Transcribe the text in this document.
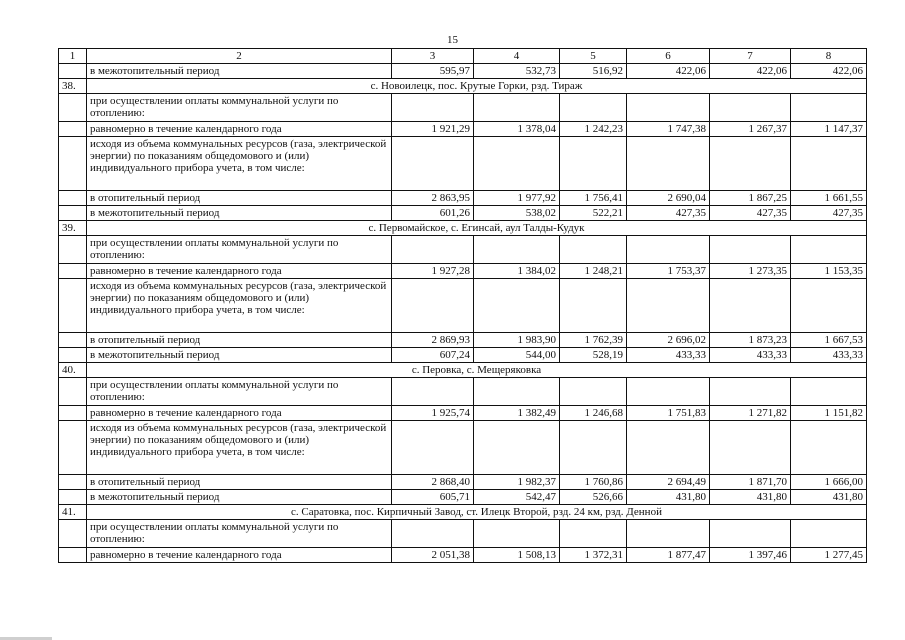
15
1	2	3	4	5	6	7	8
	в межотопительный период	595,97	532,73	516,92	422,06	422,06	422,06
38.	с. Новоилецк, пос. Крутые Горки, рзд. Тираж						
	при осуществлении оплаты коммунальной услуги по отоплению:						
	равномерно в течение календарного года	1 921,29	1 378,04	1 242,23	1 747,38	1 267,37	1 147,37
	исходя из объема коммунальных ресурсов (газа, электрической энергии) по показаниям общедомового и (или) индивидуального прибора учета, в том числе:						
	в отопительный период	2 863,95	1 977,92	1 756,41	2 690,04	1 867,25	1 661,55
	в межотопительный период	601,26	538,02	522,21	427,35	427,35	427,35
39.	с. Первомайское, с. Егинсай, аул Талды-Кудук						
	при осуществлении оплаты коммунальной услуги по отоплению:						
	равномерно в течение календарного года	1 927,28	1 384,02	1 248,21	1 753,37	1 273,35	1 153,35
	исходя из объема коммунальных ресурсов (газа, электрической энергии) по показаниям общедомового и (или) индивидуального прибора учета, в том числе:						
	в отопительный период	2 869,93	1 983,90	1 762,39	2 696,02	1 873,23	1 667,53
	в межотопительный период	607,24	544,00	528,19	433,33	433,33	433,33
40.	с. Перовка, с. Мещеряковка						
	при осуществлении оплаты коммунальной услуги по отоплению:						
	равномерно в течение календарного года	1 925,74	1 382,49	1 246,68	1 751,83	1 271,82	1 151,82
	исходя из объема коммунальных ресурсов (газа, электрической энергии) по показаниям общедомового и (или) индивидуального прибора учета, в том числе:						
	в отопительный период	2 868,40	1 982,37	1 760,86	2 694,49	1 871,70	1 666,00
	в межотопительный период	605,71	542,47	526,66	431,80	431,80	431,80
41.	с. Саратовка, пос. Кирпичный Завод, ст. Илецк Второй, рзд. 24 км, рзд. Денной						
	при осуществлении оплаты коммунальной услуги по отоплению:						
	равномерно в течение календарного года	2 051,38	1 508,13	1 372,31	1 877,47	1 397,46	1 277,45
